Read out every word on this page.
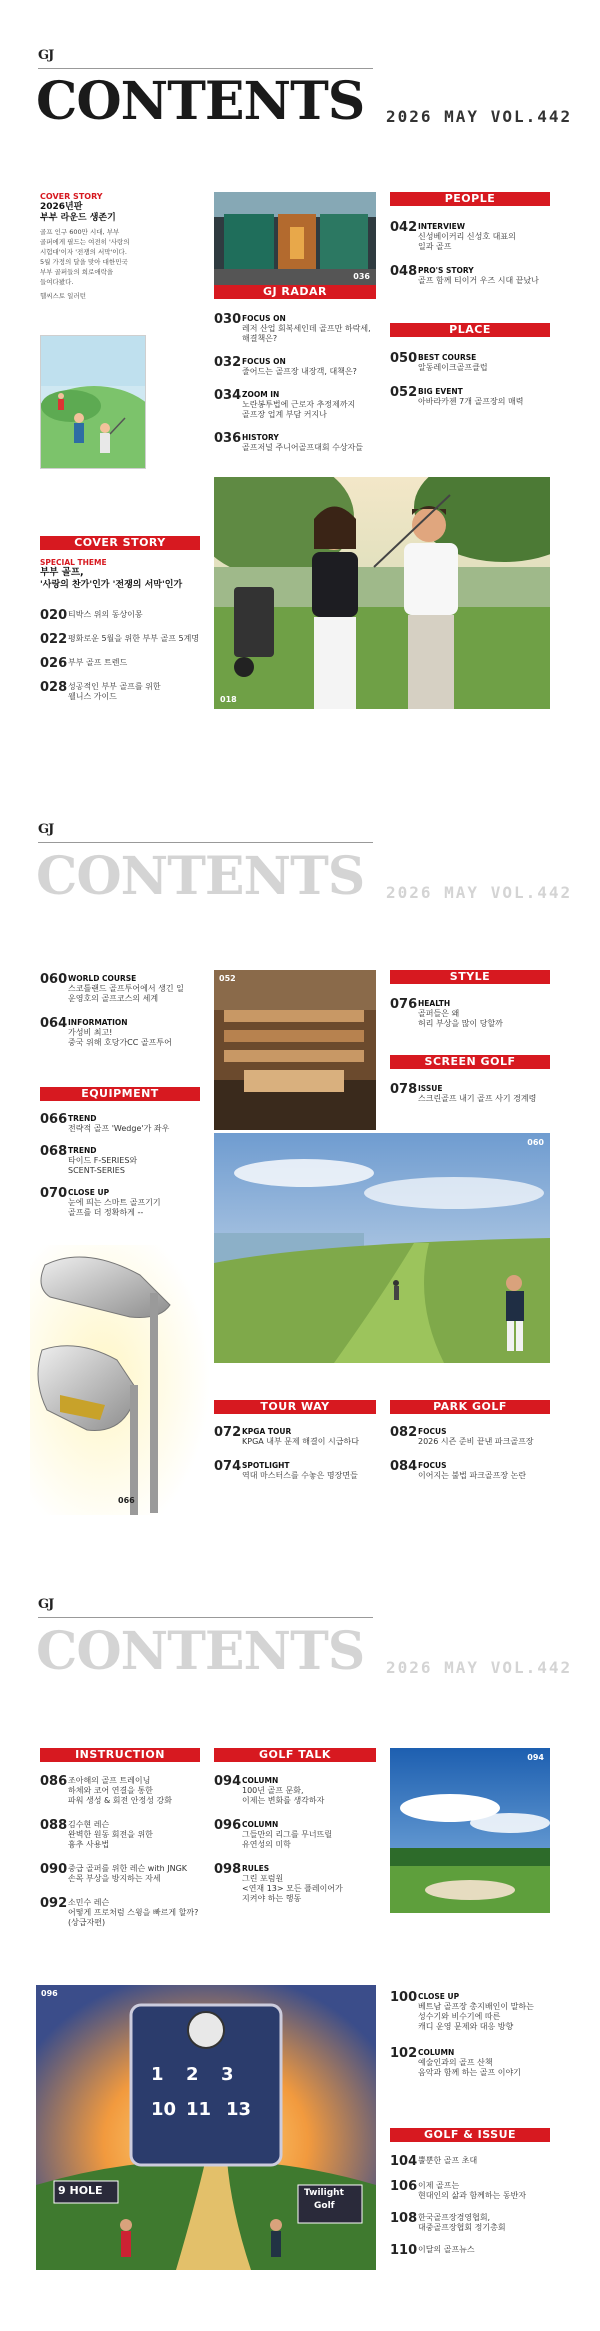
GJ
CONTENTS 2026 MAY VOL.442
COVER STORY
2026년판
부부 라운드 생존기
골프 인구 600만 시대, 부부
골퍼에게 필드는 여전히 '사랑의
시험대'이자 '전쟁의 서막'이다.
5월 가정의 달을 맞아 대한민국
부부 골퍼들의 희로애락을
들여다봤다.
헬씨스토 일러턴
036
GJ RADAR
030 FOCUS ON
레저 산업 회복세인데 골프만 하락세,
해결책은?
032 FOCUS ON
줄어드는 골프장 내장객, 대책은?
034 ZOOM IN
노란봉투법에 근로자 추정제까지
골프장 업계 부담 커지나
036 HISTORY
골프저널 주니어골프대회 수상자들
PEOPLE
042 INTERVIEW
신성베이커리 신성호 대표의
일과 골프
048 PRO'S STORY
골프 함께 티이거 우즈 시대 끝났나
PLACE
050 BEST COURSE
알동레이크골프클럽
052 BIG EVENT
아바라카젠 7개 골프장의 매력
COVER STORY
SPECIAL THEME
부부 골프,
'사랑의 찬가'인가 '전쟁의 서막'인가
020 티박스 위의 동상이몽
022 평화로운 5월을 위한 부부 골프 5계명
026 부부 골프 트렌드
028 성공적인 부부 골프를 위한
웰니스 가이드	018
GJ
CONTENTS 2026 MAY VOL.442
060 WORLD COURSE
스코틀랜드 골프투어에서 생긴 일
운영호의 골프코스의 세계
064 INFORMATION
가성비 최고!
중국 위해 호당가CC 골프투어
EQUIPMENT
066 TREND
전략적 골프 'Wedge'가 좌우
068 TREND
타이드 F-SERIES와
SCENT-SERIES
070 CLOSE UP
눈에 띄는 스마트 골프기기
골프를 더 정확하게 --
066
052	STYLE
076 HEALTH
골퍼들은 왜
허리 부상을 많이 당할까
SCREEN GOLF
078 ISSUE
스크린골프 내기 골프 사기 경계령
060
TOUR WAY
072 KPGA TOUR
KPGA 내부 문제 해결이 시급하다
074 SPOTLIGHT
역대 마스터스를 수놓은 명장면들
PARK GOLF
082 FOCUS
2026 시즌 준비 끝낸 파크골프장
084 FOCUS
이어지는 불법 파크골프장 논란
GJ
CONTENTS 2026 MAY VOL.442
INSTRUCTION
086 조아해의 골프 트레이닝
하체와 코어 연결을 통한
파워 생성 & 회전 안정성 강화
088 김수현 레슨
완벽한 원동 회전을 위한
흉추 사용법
090 중급 골퍼를 위한 레슨 with JNGK
손목 부상을 방지하는 자세
092 소민수 레슨
어떻게 프로처럼 스윙을 빠르게 할까?
(상급자편)
GOLF TALK
094 COLUMN
100년 골프 문화,
이제는 변화를 생각하자
096 COLUMN
그들만의 리그를 무너뜨릴
유연성의 미학
098 RULES
그린 포럼원
<연재 13> 모든 플레이어가
지켜야 하는 행동
094
1 2 3
10 11 13
9 HOLE	Twilight
Golf
096	100 CLOSE UP
베트남 골프장 총지배인이 말하는
성수기와 비수기에 따른
캐디 운영 문제와 대응 방향
102 COLUMN
예술인과의 골프 산책
음악과 함께 하는 골프 이야기
GOLF & ISSUE
104 뿔뿐한 골프 초대
106 이제 골프는
현대인의 삶과 함께하는 동반자
108 한국골프장경영협회,
대중골프장협회 정기총회
110 이달의 골프뉴스
